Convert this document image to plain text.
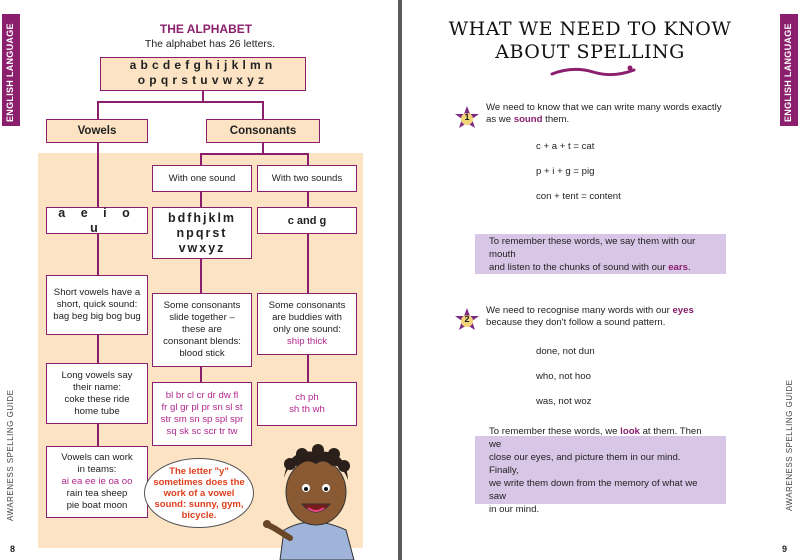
ENGLISH LANGUAGE
AWARENESS SPELLING GUIDE
8
THE ALPHABET
The alphabet has 26 letters.
abcdefghijklmn
opqrstuvwxyz
Vowels	Consonants
With one sound	With two sounds
a e i o u
bdfhjklm
npqrst
vwxyz
c and g
Short vowels have a
short, quick sound:
bag beg big bog bug
Some consonants
slide together –
these are
consonant blends:
blood stick
Some consonants
are buddies with
only one sound:
ship thick
Long vowels say
their name:
coke these ride
home tube
bl br cl cr dr dw fl
fr gl gr pl pr sn sl st
str sm sn sp spl spr
sq sk sc scr tr tw
ch ph
sh th wh
Vowels can work
in teams:
ai ea ee ie oa oo
rain tea sheep
pie boat moon
The letter "y" sometimes does the work of a vowel sound: sunny, gym, bicycle.
ENGLISH LANGUAGE
AWARENESS SPELLING GUIDE
9
WHAT WE NEED TO KNOW
ABOUT SPELLING
1
We need to know that we can write many words exactly
as we sound them.
c + a + t = cat
p + i + g = pig
con + tent = content
To remember these words, we say them with our mouth
and listen to the chunks of sound with our ears.
2
We need to recognise many words with our eyes
because they don't follow a sound pattern.
done, not dun
who, not hoo
was, not woz
To remember these words, we look at them. Then we
close our eyes, and picture them in our mind. Finally,
we write them down from the memory of what we saw
in our mind.
